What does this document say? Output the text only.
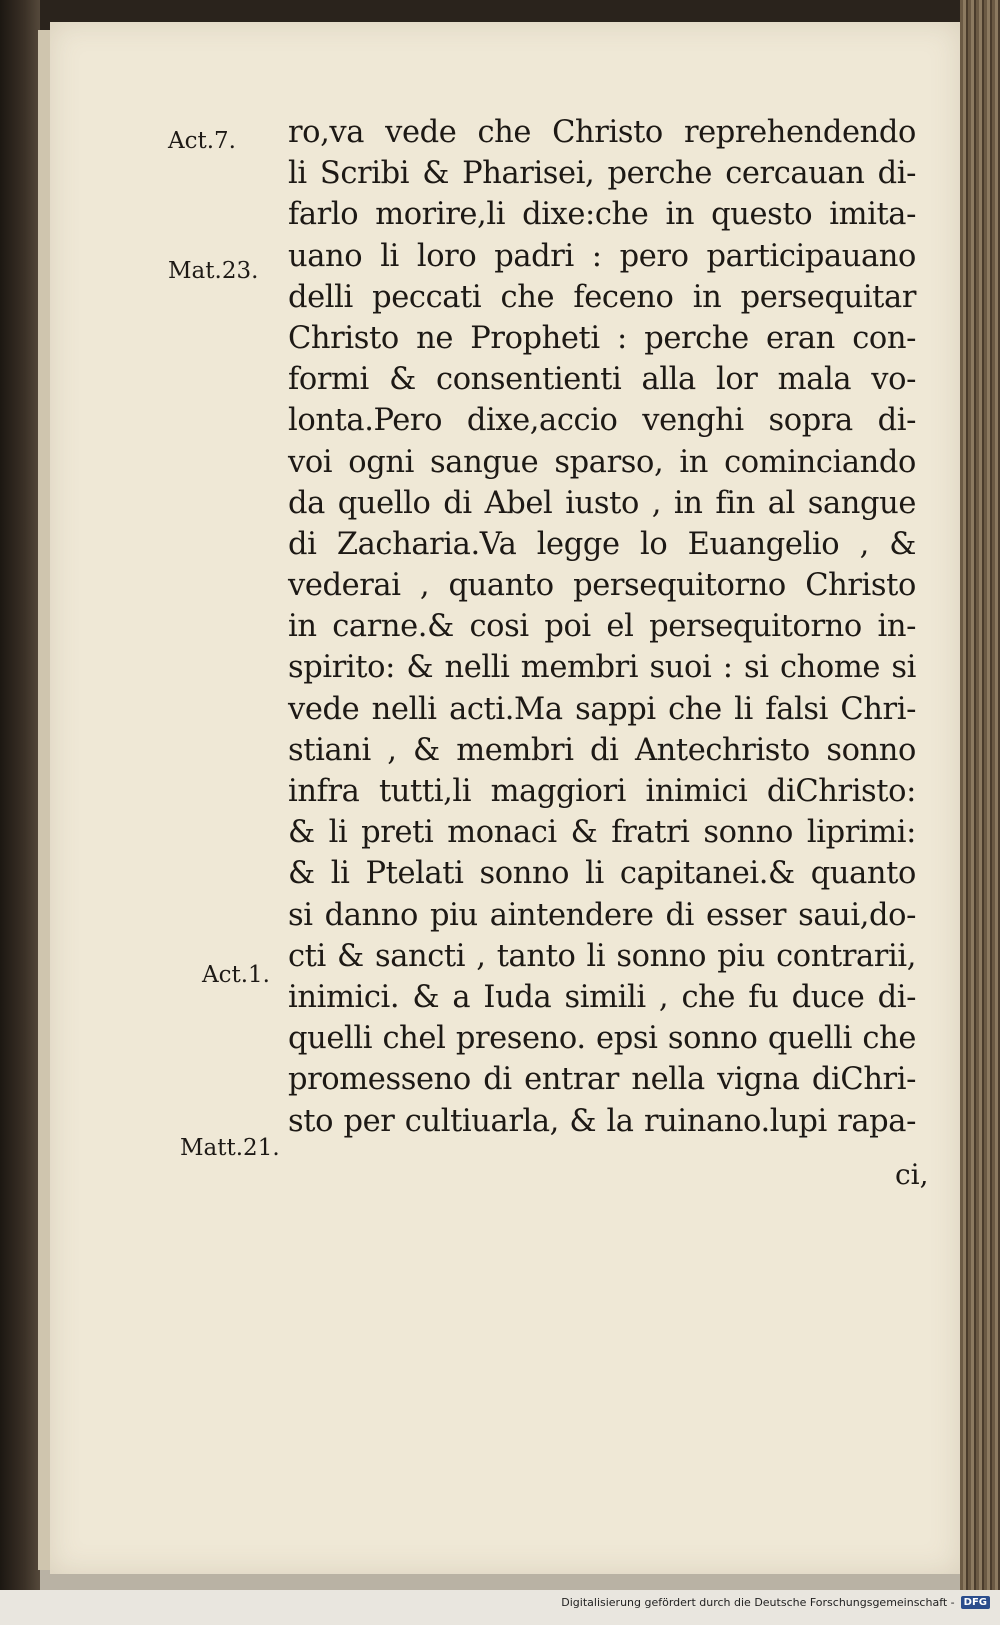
Act.7.
Mat.23.
Act.1.
Matt.21.
ro,va vede che Christo reprehendendo
li Scribi & Pharisei, perche cercauan di-
farlo morire,li dixe:che in questo imita-
uano li loro padri : pero participauano
delli peccati che feceno in persequitar
Christo ne Propheti : perche eran con-
formi & consentienti alla lor mala vo-
lonta.Pero dixe,accio venghi sopra di-
voi ogni sangue sparso, in cominciando
da quello di Abel iusto , in fin al sangue
di Zacharia.Va legge lo Euangelio , &
vederai , quanto persequitorno Christo
in carne.& cosi poi el persequitorno in-
spirito: & nelli membri suoi : si chome si
vede nelli acti.Ma sappi che li falsi Chri-
stiani , & membri di Antechristo sonno
infra tutti,li maggiori inimici diChristo:
& li preti monaci & fratri sonno liprimi:
& li Ptelati sonno li capitanei.& quanto
si danno piu aintendere di esser saui,do-
cti & sancti , tanto li sonno piu contrarii,
inimici. & a Iuda simili , che fu duce di-
quelli chel preseno. epsi sonno quelli che
promesseno di entrar nella vigna diChri-
sto per cultiuarla, & la ruinano.lupi rapa-
ci,
Digitalisierung gefördert durch die Deutsche Forschungsgemeinschaft - DFG
